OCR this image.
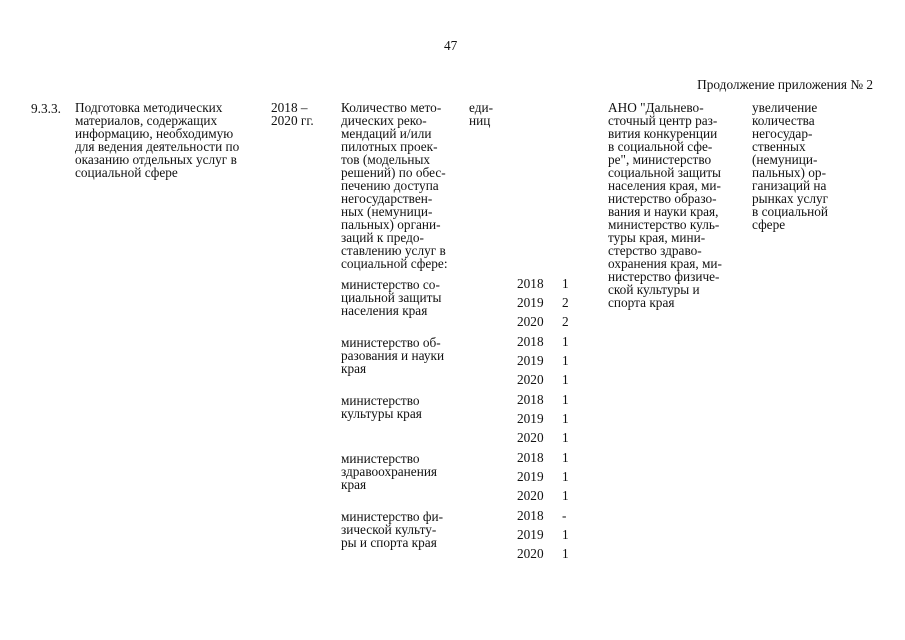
47
Продолжение приложения № 2
9.3.3. Подготовка методических
материалов, содержащих
информацию, необходимую
для ведения деятельности по
оказанию отдельных услуг в
социальной сфере
2018 –
2020 гг.
Количество мето-
дических реко-
мендаций и/или
пилотных проек-
тов (модельных
решений) по обес-
печению доступа
негосударствен-
ных (немуници-
пальных) органи-
заций к предо-
ставлению услуг в
социальной сфере:
еди-
ниц
АНО "Дальнево-
сточный центр раз-
вития конкуренции
в социальной сфе-
ре", министерство
социальной защиты
населения края, ми-
нистерство образо-
вания и науки края,
министерство куль-
туры края, мини-
стерство здраво-
охранения края, ми-
нистерство физиче-
ской культуры и
спорта края
увеличение
количества
негосудар-
ственных
(немуници-
пальных) ор-
ганизаций на
рынках услуг
в социальной
сфере
министерство со-
циальной защиты
населения края
2018 1
2019 2
2020 2
министерство об-
разования и науки
края
2018 1
2019 1
2020 1
министерство
культуры края
2018 1
2019 1
2020 1
министерство
здравоохранения
края
2018 1
2019 1
2020 1
министерство фи-
зической культу-
ры и спорта края
2018 -
2019 1
2020 1
